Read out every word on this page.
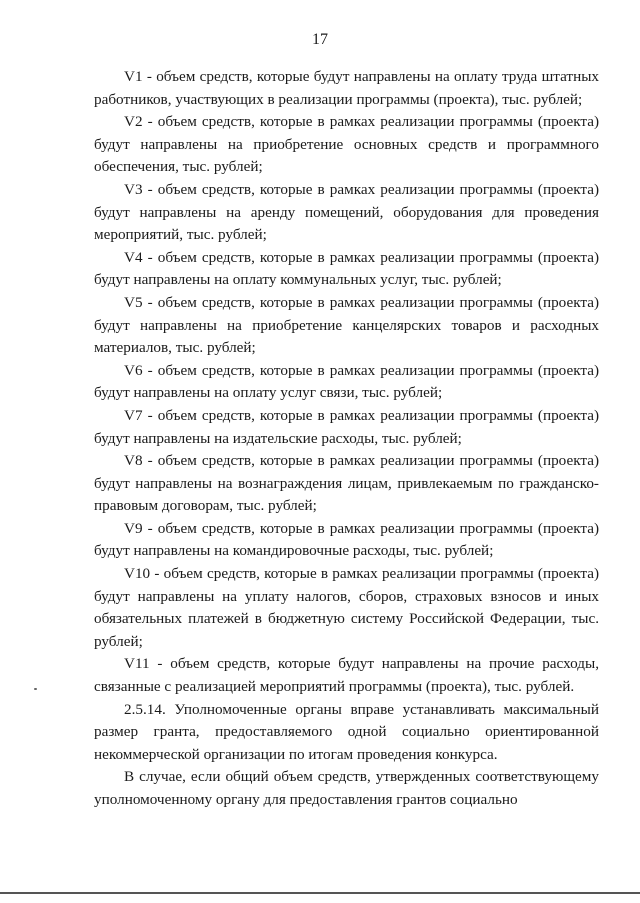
17

V1 - объем средств, которые будут направлены на оплату труда штатных работников, участвующих в реализации программы (проекта), тыс. рублей;

V2 - объем средств, которые в рамках реализации программы (проекта) будут направлены на приобретение основных средств и программного обеспечения, тыс. рублей;

V3 - объем средств, которые в рамках реализации программы (проекта) будут направлены на аренду помещений, оборудования для проведения мероприятий, тыс. рублей;

V4 - объем средств, которые в рамках реализации программы (проекта) будут направлены на оплату коммунальных услуг, тыс. рублей;

V5 - объем средств, которые в рамках реализации программы (проекта) будут направлены на приобретение канцелярских товаров и расходных материалов, тыс. рублей;

V6 - объем средств, которые в рамках реализации программы (проекта) будут направлены на оплату услуг связи, тыс. рублей;

V7 - объем средств, которые в рамках реализации программы (проекта) будут направлены на издательские расходы, тыс. рублей;

V8 - объем средств, которые в рамках реализации программы (проекта) будут направлены на вознаграждения лицам, привлекаемым по гражданско-правовым договорам, тыс. рублей;

V9 - объем средств, которые в рамках реализации программы (проекта) будут направлены на командировочные расходы, тыс. рублей;

V10 - объем средств, которые в рамках реализации программы (проекта) будут направлены на уплату налогов, сборов, страховых взносов и иных обязательных платежей в бюджетную систему Российской Федерации, тыс. рублей;

V11 - объем средств, которые будут направлены на прочие расходы, связанные с реализацией мероприятий программы (проекта), тыс. рублей.

2.5.14. Уполномоченные органы вправе устанавливать максимальный размер гранта, предоставляемого одной социально ориентированной некоммерческой организации по итогам проведения конкурса.

В случае, если общий объем средств, утвержденных соответствующему уполномоченному органу для предоставления грантов социально
